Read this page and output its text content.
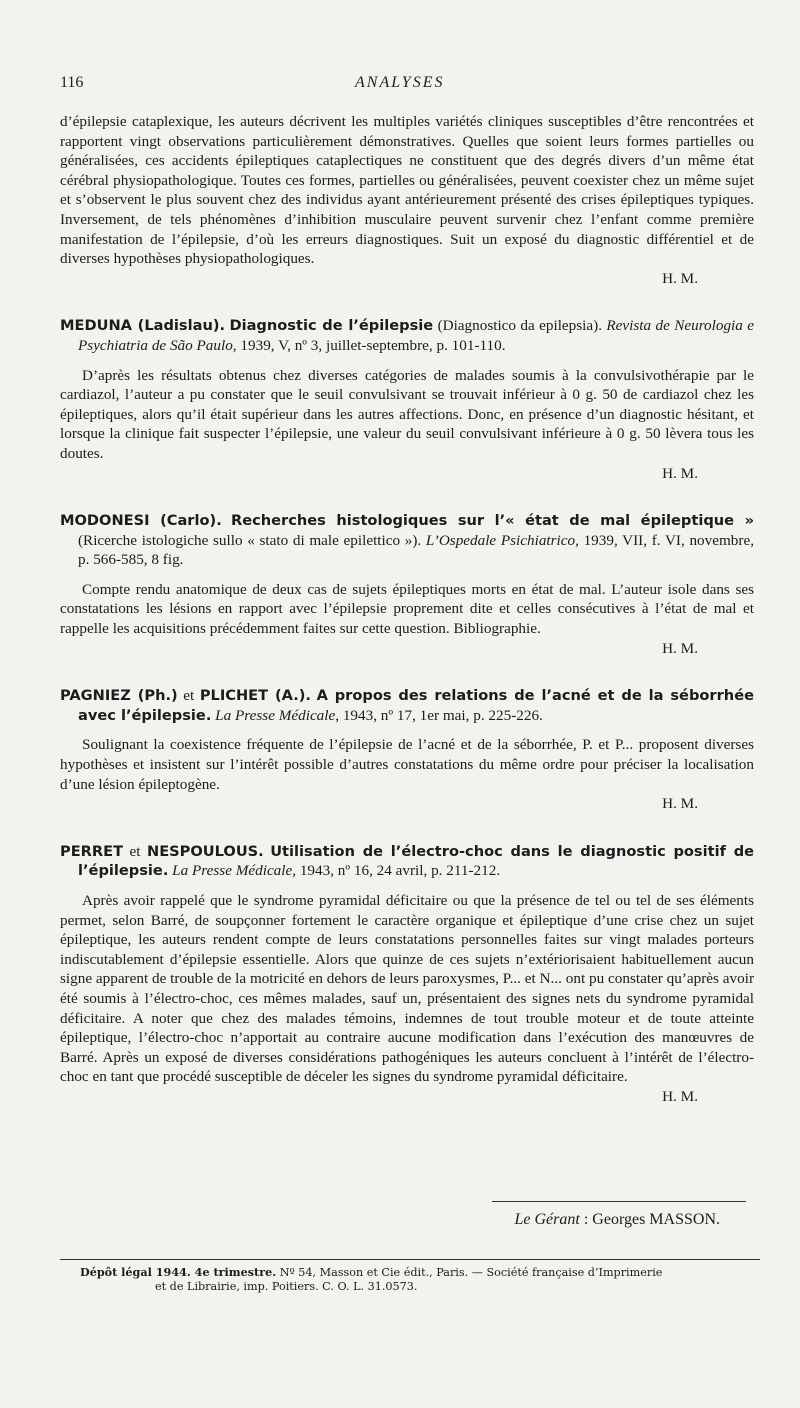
116	ANALYSES

d’épilepsie cataplexique, les auteurs décrivent les multiples variétés cliniques susceptibles d’être rencontrées et rapportent vingt observations particulièrement démonstratives. Quelles que soient leurs formes partielles ou généralisées, ces accidents épileptiques cataplectiques ne constituent que des degrés divers d’un même état cérébral physiopathologique. Toutes ces formes, partielles ou généralisées, peuvent coexister chez un même sujet et s’observent le plus souvent chez des individus ayant antérieurement présenté des crises épileptiques typiques. Inversement, de tels phénomènes d’inhibition musculaire peuvent survenir chez l’enfant comme première manifestation de l’épilepsie, d’où les erreurs diagnostiques. Suit un exposé du diagnostic différentiel et de diverses hypothèses physiopathologiques.

H. M.

MEDUNA (Ladislau). Diagnostic de l’épilepsie (Diagnostico da epilepsia). Revista de Neurologia e Psychiatria de São Paulo, 1939, V, nº 3, juillet-septembre, p. 101-110.

D’après les résultats obtenus chez diverses catégories de malades soumis à la convulsivothérapie par le cardiazol, l’auteur a pu constater que le seuil convulsivant se trouvait inférieur à 0 g. 50 de cardiazol chez les épileptiques, alors qu’il était supérieur dans les autres affections. Donc, en présence d’un diagnostic hésitant, et lorsque la clinique fait suspecter l’épilepsie, une valeur du seuil convulsivant inférieure à 0 g. 50 lèvera tous les doutes.

H. M.

MODONESI (Carlo). Recherches histologiques sur l’« état de mal épileptique » (Ricerche istologiche sullo « stato di male epilettico »). L’Ospedale Psichiatrico, 1939, VII, f. VI, novembre, p. 566-585, 8 fig.

Compte rendu anatomique de deux cas de sujets épileptiques morts en état de mal. L’auteur isole dans ses constatations les lésions en rapport avec l’épilepsie proprement dite et celles consécutives à l’état de mal et rappelle les acquisitions précédemment faites sur cette question. Bibliographie.

H. M.

PAGNIEZ (Ph.) et PLICHET (A.). A propos des relations de l’acné et de la séborrhée avec l’épilepsie. La Presse Médicale, 1943, nº 17, 1er mai, p. 225-226.

Soulignant la coexistence fréquente de l’épilepsie de l’acné et de la séborrhée, P. et P... proposent diverses hypothèses et insistent sur l’intérêt possible d’autres constatations du même ordre pour préciser la localisation d’une lésion épileptogène.

H. M.

PERRET et NESPOULOUS. Utilisation de l’électro-choc dans le diagnostic positif de l’épilepsie. La Presse Médicale, 1943, nº 16, 24 avril, p. 211-212.

Après avoir rappelé que le syndrome pyramidal déficitaire ou que la présence de tel ou tel de ses éléments permet, selon Barré, de soupçonner fortement le caractère organique et épileptique d’une crise chez un sujet épileptique, les auteurs rendent compte de leurs constatations personnelles faites sur vingt malades porteurs indiscutablement d’épilepsie essentielle. Alors que quinze de ces sujets n’extériorisaient habituellement aucun signe apparent de trouble de la motricité en dehors de leurs paroxysmes, P... et N... ont pu constater qu’après avoir été soumis à l’électro-choc, ces mêmes malades, sauf un, présentaient des signes nets du syndrome pyramidal déficitaire. A noter que chez des malades témoins, indemnes de tout trouble moteur et de toute atteinte épileptique, l’électro-choc n’apportait au contraire aucune modification dans l’exécution des manœuvres de Barré. Après un exposé de diverses considérations pathogéniques les auteurs concluent à l’intérêt de l’électro-choc en tant que procédé susceptible de déceler les signes du syndrome pyramidal déficitaire.

H. M.

Le Gérant : Georges MASSON.
Dépôt légal 1944. 4e trimestre. Nº 54, Masson et Cie édit., Paris. — Société française d’Imprimerie
et de Librairie, imp. Poitiers. C. O. L. 31.0573.
